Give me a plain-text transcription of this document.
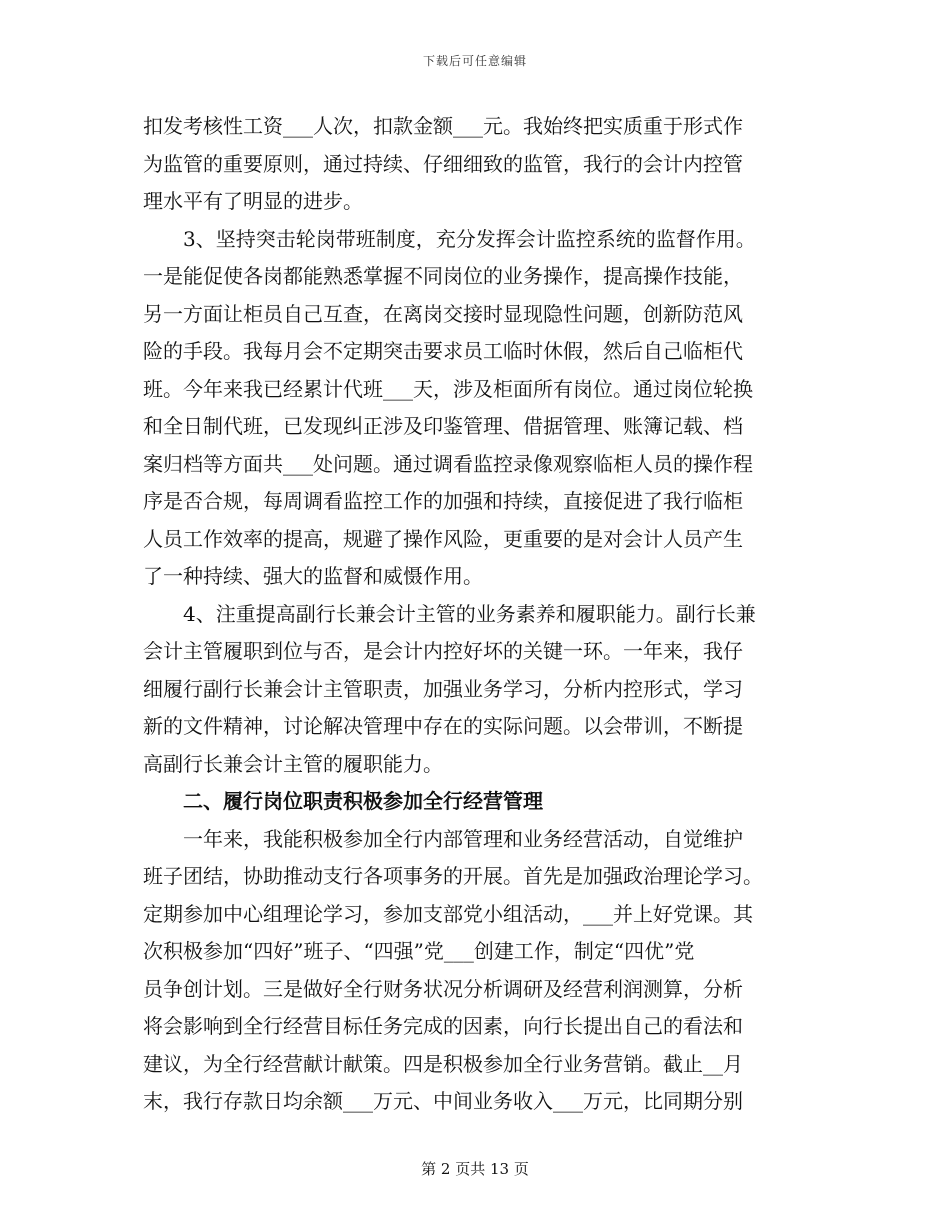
下载后可任意编辑
扣发考核性工资___人次，扣款金额___元。我始终把实质重于形式作
为监管的重要原则，通过持续、仔细细致的监管，我行的会计内控管
理水平有了明显的进步。
3、坚持突击轮岗带班制度，充分发挥会计监控系统的监督作用。
一是能促使各岗都能熟悉掌握不同岗位的业务操作，提高操作技能，
另一方面让柜员自己互查，在离岗交接时显现隐性问题，创新防范风
险的手段。我每月会不定期突击要求员工临时休假，然后自己临柜代
班。今年来我已经累计代班___天，涉及柜面所有岗位。通过岗位轮换
和全日制代班，已发现纠正涉及印鉴管理、借据管理、账簿记载、档
案归档等方面共___处问题。通过调看监控录像观察临柜人员的操作程
序是否合规，每周调看监控工作的加强和持续，直接促进了我行临柜
人员工作效率的提高，规避了操作风险，更重要的是对会计人员产生
了一种持续、强大的监督和威慑作用。
4、注重提高副行长兼会计主管的业务素养和履职能力。副行长兼
会计主管履职到位与否，是会计内控好坏的关键一环。一年来，我仔
细履行副行长兼会计主管职责，加强业务学习，分析内控形式，学习
新的文件精神，讨论解决管理中存在的实际问题。以会带训，不断提
高副行长兼会计主管的履职能力。
二、履行岗位职责积极参加全行经营管理
一年来，我能积极参加全行内部管理和业务经营活动，自觉维护
班子团结，协助推动支行各项事务的开展。首先是加强政治理论学习。
定期参加中心组理论学习，参加支部党小组活动，___并上好党课。其
次积极参加“四好”班子、“四强”党___创建工作，制定“四优”党
员争创计划。三是做好全行财务状况分析调研及经营利润测算，分析
将会影响到全行经营目标任务完成的因素，向行长提出自己的看法和
建议，为全行经营献计献策。四是积极参加全行业务营销。截止__月
末，我行存款日均余额___万元、中间业务收入___万元，比同期分别
第 2 页共 13 页
